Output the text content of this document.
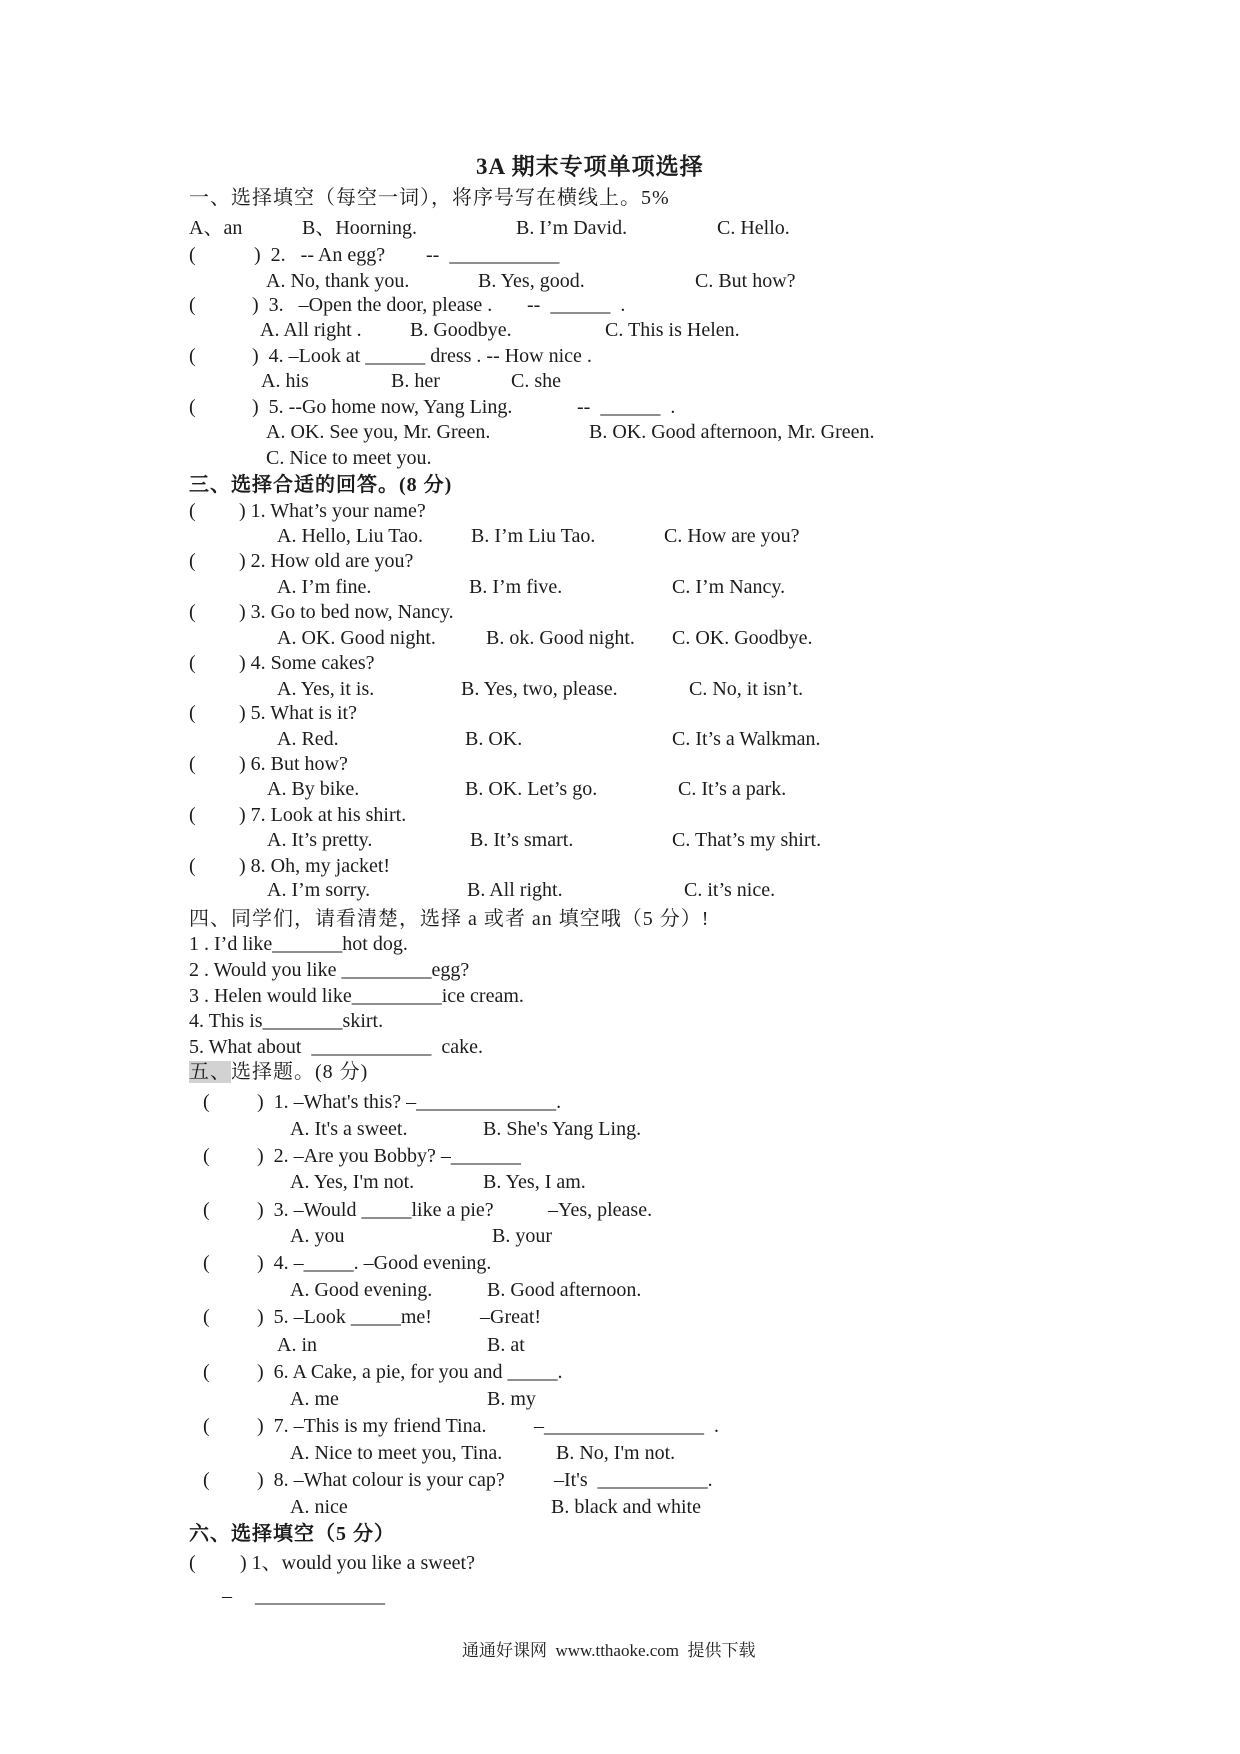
3A 期末专项单项选择
一、选择填空（每空一词），将序号写在横线上。5%
A、an	B、Hoorning.	B. I’m David.	C. Hello.
(	)  2.   -- An egg? --  ___________
A. No, thank you.	B. Yes, good.	C. But how?
(	)  3.   –Open the door, please . --  ______  .
A. All right . B. Goodbye.	C. This is Helen.
(	)  4. –Look at ______ dress . -- How nice .
A. his	B. her	C. she
(	)  5. --Go home now, Yang Ling.	--  ______  .
A. OK. See you, Mr. Green.	B. OK. Good afternoon, Mr. Green.
C. Nice to meet you.
三、选择合适的回答。(8 分)
( ) 1. What’s your name?
A. Hello, Liu Tao. B. I’m Liu Tao.	C. How are you?
( ) 2. How old are you?
A. I’m fine.	B. I’m five.	C. I’m Nancy.
( ) 3. Go to bed now, Nancy.
A. OK. Good night.	B. ok. Good night. C. OK. Goodbye.
( ) 4. Some cakes?
A. Yes, it is.	B. Yes, two, please.	C. No, it isn’t.
( ) 5. What is it?
A. Red.	B. OK.	C. It’s a Walkman.
( ) 6. But how?
A. By bike.	B. OK. Let’s go.	C. It’s a park.
( ) 7. Look at his shirt.
A. It’s pretty.	B. It’s smart.	C. That’s my shirt.
( ) 8. Oh, my jacket!
A. I’m sorry.	B. All right.	C. it’s nice.
四、同学们，请看清楚，选择 a 或者 an 填空哦（5 分）!
1 . I’d like_______hot dog.
2 . Would you like _________egg?
3 . Helen would like_________ice cream.
4. This is________skirt.
5. What about  ____________  cake.
五、选择题。(8 分)
( )  1. –What's this? –______________.
A. It's a sweet.	B. She's Yang Ling.
( )  2. –Are you Bobby? –_______
A. Yes, I'm not.	B. Yes, I am.
( )  3. –Would _____like a pie?	–Yes, please.
A. you	B. your
( )  4. –_____. –Good evening.
A. Good evening.	B. Good afternoon.
( )  5. –Look _____me! –Great!
A. in	B. at
( )  6. A Cake, a pie, for you and _____.
A. me	B. my
( )  7. –This is my friend Tina. –________________  .
A. Nice to meet you, Tina.	B. No, I'm not.
( )  8. –What colour is your cap? –It's  ___________.
A. nice	B. black and white
六、选择填空（5 分）
( ) 1、would you like a sweet?
– _____________
通通好课网  www.tthaoke.com  提供下载
